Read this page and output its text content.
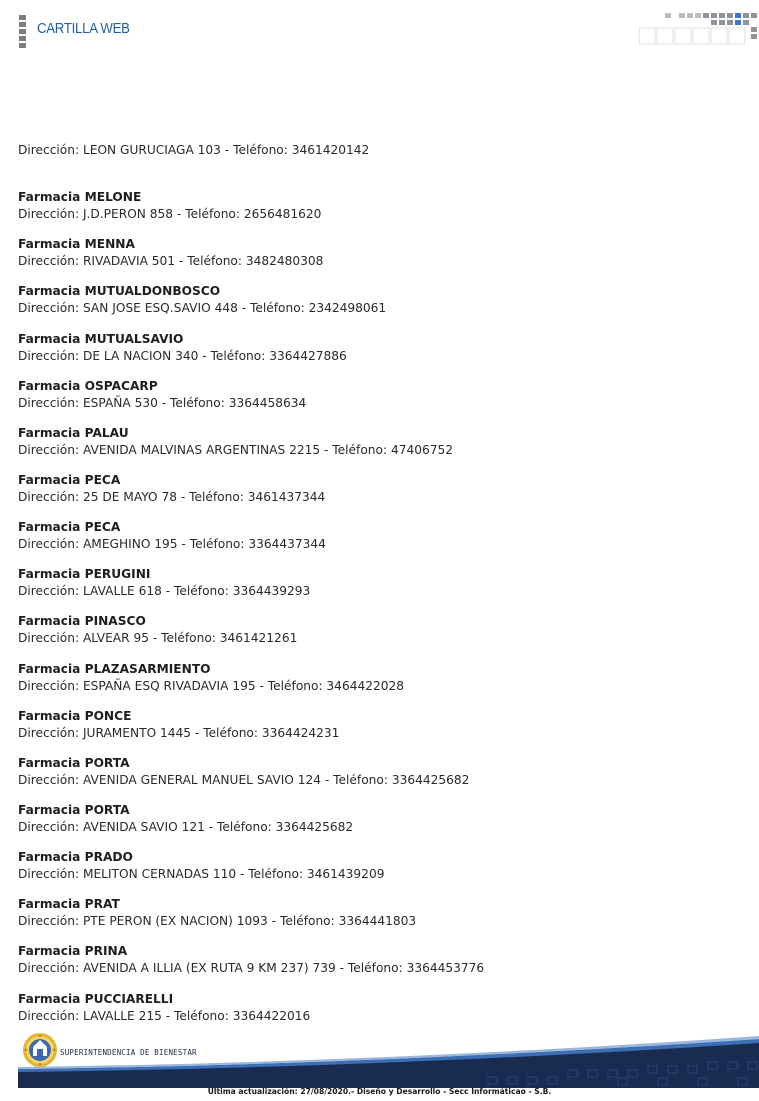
CARTILLA WEB
Dirección: LEON GURUCIAGA 103 - Teléfono: 3461420142
Farmacia MELONE
Dirección: J.D.PERON 858 - Teléfono: 2656481620
Farmacia MENNA
Dirección: RIVADAVIA 501 - Teléfono: 3482480308
Farmacia MUTUALDONBOSCO
Dirección: SAN JOSE ESQ.SAVIO 448 - Teléfono: 2342498061
Farmacia MUTUALSAVIO
Dirección: DE LA NACION 340 - Teléfono: 3364427886
Farmacia OSPACARP
Dirección: ESPAÑA 530 - Teléfono: 3364458634
Farmacia PALAU
Dirección: AVENIDA MALVINAS ARGENTINAS 2215 - Teléfono: 47406752
Farmacia PECA
Dirección: 25 DE MAYO 78 - Teléfono: 3461437344
Farmacia PECA
Dirección: AMEGHINO 195 - Teléfono: 3364437344
Farmacia PERUGINI
Dirección: LAVALLE 618 - Teléfono: 3364439293
Farmacia PINASCO
Dirección: ALVEAR 95 - Teléfono: 3461421261
Farmacia PLAZASARMIENTO
Dirección: ESPAÑA ESQ RIVADAVIA 195 - Teléfono: 3464422028
Farmacia PONCE
Dirección: JURAMENTO 1445 - Teléfono: 3364424231
Farmacia PORTA
Dirección: AVENIDA GENERAL MANUEL SAVIO 124 - Teléfono: 3364425682
Farmacia PORTA
Dirección: AVENIDA SAVIO 121 - Teléfono: 3364425682
Farmacia PRADO
Dirección: MELITON CERNADAS 110 - Teléfono: 3461439209
Farmacia PRAT
Dirección: PTE PERON (EX NACION) 1093 - Teléfono: 3364441803
Farmacia PRINA
Dirección: AVENIDA A ILLIA (EX RUTA 9 KM 237) 739 - Teléfono: 3364453776
Farmacia PUCCIARELLI
Dirección: LAVALLE 215 - Teléfono: 3364422016
SUPERINTENDENCIA DE BIENESTAR
Última actualización: 27/08/2020.- Diseño y Desarrollo - Secc Informáticao - S.B.
